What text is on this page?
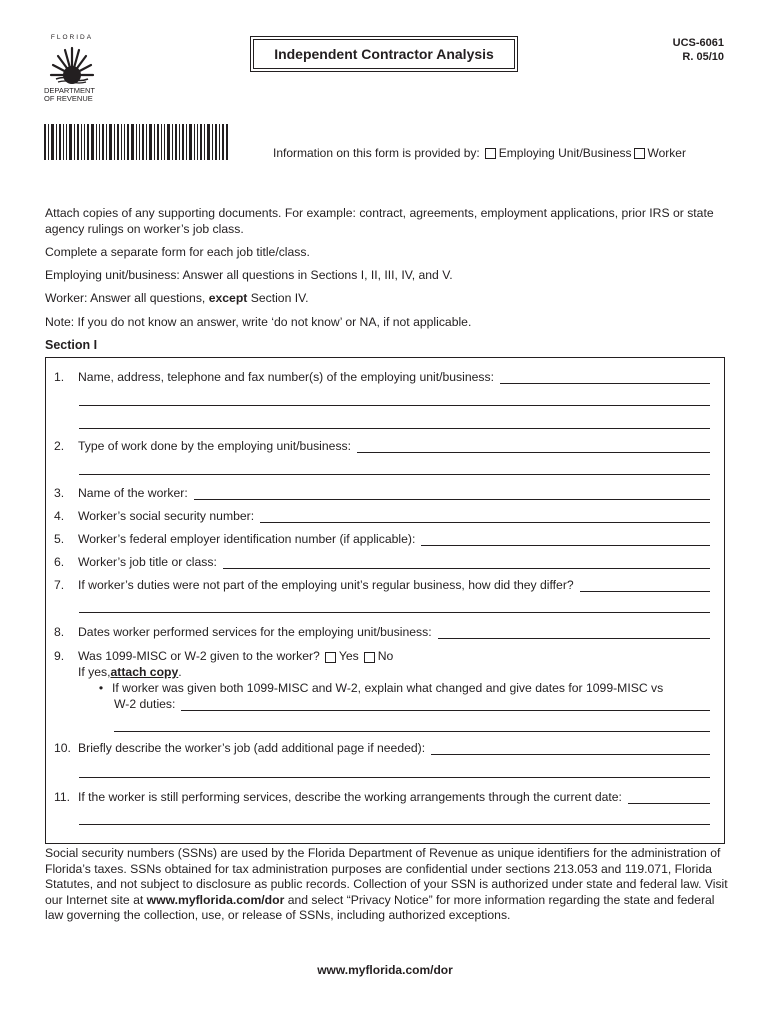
FLORIDA
DEPARTMENT
OF REVENUE
Independent Contractor Analysis
UCS-6061
R. 05/10
Information on this form is provided by: Employing Unit/Business Worker
Attach copies of any supporting documents. For example: contract, agreements, employment applications, prior IRS or state agency rulings on worker’s job class.
Complete a separate form for each job title/class.
Employing unit/business: Answer all questions in Sections I, II, III, IV, and V.
Worker: Answer all questions, except Section IV.
Note: If you do not know an answer, write ‘do not know’ or NA, if not applicable.
Section I
1.	Name, address, telephone and fax number(s) of the employing unit/business:
2.	Type of work done by the employing unit/business:
3.	Name of the worker:
4.	Worker’s social security number:
5.	Worker’s federal employer identification number (if applicable):
6.	Worker’s job title or class:
7.	If worker’s duties were not part of the employing unit’s regular business, how did they differ?
8.	Dates worker performed services for the employing unit/business:
9.	Was 1099-MISC or W-2 given to the worker? Yes No
If yes, attach copy .
• If worker was given both 1099-MISC and W-2, explain what changed and give dates for 1099-MISC vs
W-2 duties:
10. Briefly describe the worker’s job (add additional page if needed):
11. If the worker is still performing services, describe the working arrangements through the current date:
Social security numbers (SSNs) are used by the Florida Department of Revenue as unique identifiers for the administration of Florida’s taxes. SSNs obtained for tax administration purposes are confidential under sections 213.053 and 119.071, Florida Statutes, and not subject to disclosure as public records. Collection of your SSN is authorized under state and federal law. Visit our Internet site at www.myflorida.com/dor and select “Privacy Notice” for more information regarding the state and federal law governing the collection, use, or release of SSNs, including authorized exceptions.
www.myflorida.com/dor
